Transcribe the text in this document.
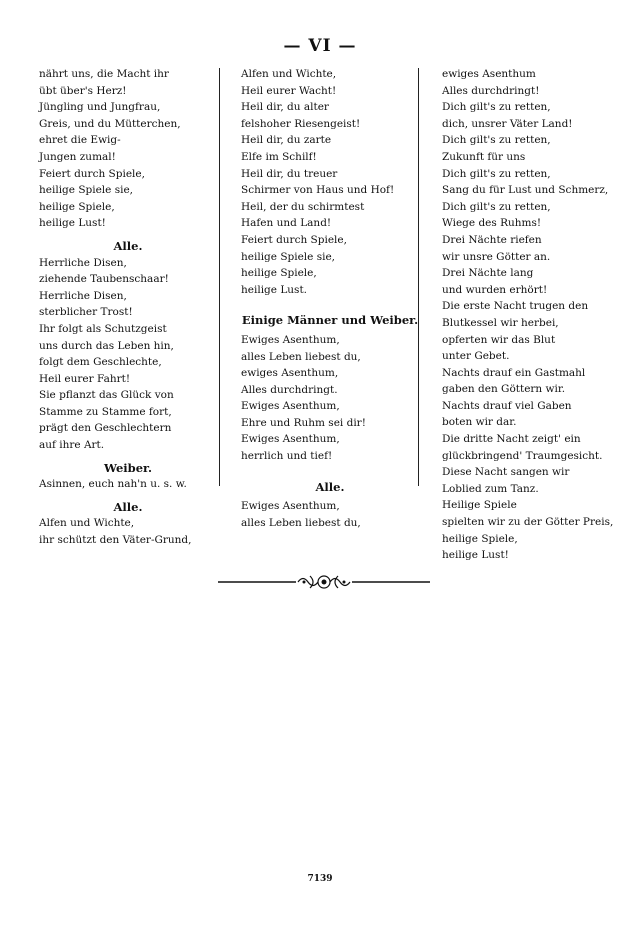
— VI —
nährt uns, die Macht ihr
übt über's Herz!
Jüngling und Jungfrau,
Greis, und du Mütterchen,
ehret die Ewig-
Jungen zumal!
Feiert durch Spiele,
heilige Spiele sie,
heilige Spiele,
heilige Lust!
Alle.
Herrliche Disen,
ziehende Taubenschaar!
Herrliche Disen,
sterblicher Trost!
Ihr folgt als Schutzgeist
uns durch das Leben hin,
folgt dem Geschlechte,
Heil eurer Fahrt!
Sie pflanzt das Glück von
Stamme zu Stamme fort,
prägt den Geschlechtern
auf ihre Art.
Weiber.
Asinnen, euch nah'n u. s. w.
Alle.
Alfen und Wichte,
ihr schützt den Väter-Grund,
Alfen und Wichte,
Heil eurer Wacht!
Heil dir, du alter
felshoher Riesengeist!
Heil dir, du zarte
Elfe im Schilf!
Heil dir, du treuer
Schirmer von Haus und Hof!
Heil, der du schirmtest
Hafen und Land!
Feiert durch Spiele,
heilige Spiele sie,
heilige Spiele,
heilige Lust.
Einige Männer und Weiber.
Ewiges Asenthum,
alles Leben liebest du,
ewiges Asenthum,
Alles durchdringt.
Ewiges Asenthum,
Ehre und Ruhm sei dir!
Ewiges Asenthum,
herrlich und tief!
Alle.
Ewiges Asenthum,
alles Leben liebest du,
ewiges Asenthum
Alles durchdringt!
Dich gilt's zu retten,
dich, unsrer Väter Land!
Dich gilt's zu retten,
Zukunft für uns
Dich gilt's zu retten,
Sang du für Lust und Schmerz,
Dich gilt's zu retten,
Wiege des Ruhms!
Drei Nächte riefen
wir unsre Götter an.
Drei Nächte lang
und wurden erhört!
Die erste Nacht trugen den
Blutkessel wir herbei,
opferten wir das Blut
unter Gebet.
Nachts drauf ein Gastmahl
gaben den Göttern wir.
Nachts drauf viel Gaben
boten wir dar.
Die dritte Nacht zeigt' ein
glückbringend' Traumgesicht.
Diese Nacht sangen wir
Loblied zum Tanz.
Heilige Spiele
spielten wir zu der Götter Preis,
heilige Spiele,
heilige Lust!
7139
